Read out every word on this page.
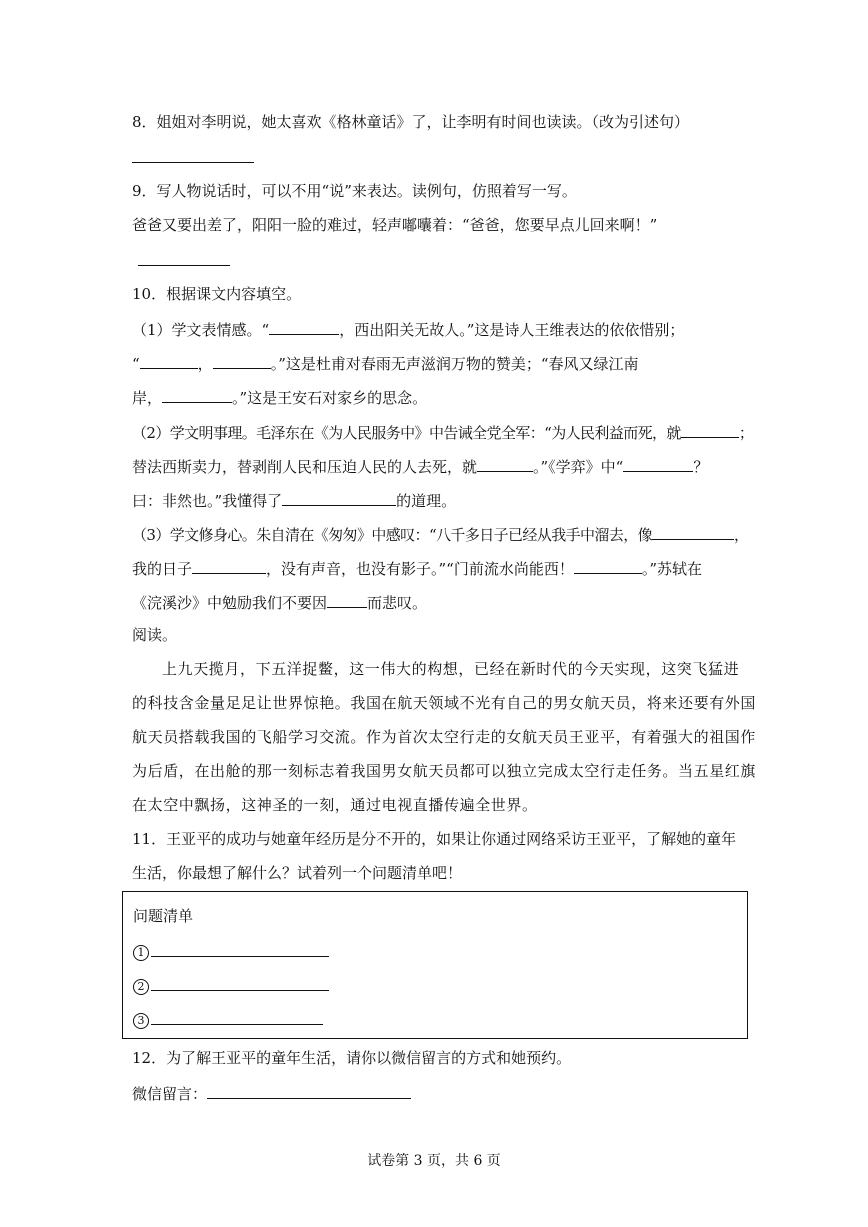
8．姐姐对李明说，她太喜欢《格林童话》了，让李明有时间也读读。（改为引述句）
9．写人物说话时，可以不用“说”来表达。读例句，仿照着写一写。
爸爸又要出差了，阳阳一脸的难过，轻声嘟囔着：“爸爸，您要早点儿回来啊！”
10．根据课文内容填空。
（1）学文表情感。“	，西出阳关无故人。”这是诗人王维表达的依依惜别；
“	，	。”这是杜甫对春雨无声滋润万物的赞美；“春风又绿江南
岸，	。”这是王安石对家乡的思念。
（2）学文明事理。毛泽东在《为人民服务中》中告诫全党全军：“为人民利益而死，就	；
替法西斯卖力，替剥削人民和压迫人民的人去死，就	。”《学弈》中“	？
曰：非然也。”我懂得了	的道理。
（3）学文修身心。朱自清在《匆匆》中感叹：“八千多日子已经从我手中溜去，像	，
我的日子	，没有声音，也没有影子。”“门前流水尚能西！	。”苏轼在
《浣溪沙》中勉励我们不要因	而悲叹。
阅读。
上九天揽月，下五洋捉鳖，这一伟大的构想，已经在新时代的今天实现，这突飞猛进
的科技含金量足足让世界惊艳。我国在航天领域不光有自己的男女航天员，将来还要有外国
航天员搭载我国的飞船学习交流。作为首次太空行走的女航天员王亚平，有着强大的祖国作
为后盾，在出舱的那一刻标志着我国男女航天员都可以独立完成太空行走任务。当五星红旗
在太空中飘扬，这神圣的一刻，通过电视直播传遍全世界。
11．王亚平的成功与她童年经历是分不开的，如果让你通过网络采访王亚平，了解她的童年
生活，你最想了解什么？试着列一个问题清单吧！
问题清单
1
2
3
12．为了解王亚平的童年生活，请你以微信留言的方式和她预约。
微信留言：
试卷第 3 页，共 6 页
